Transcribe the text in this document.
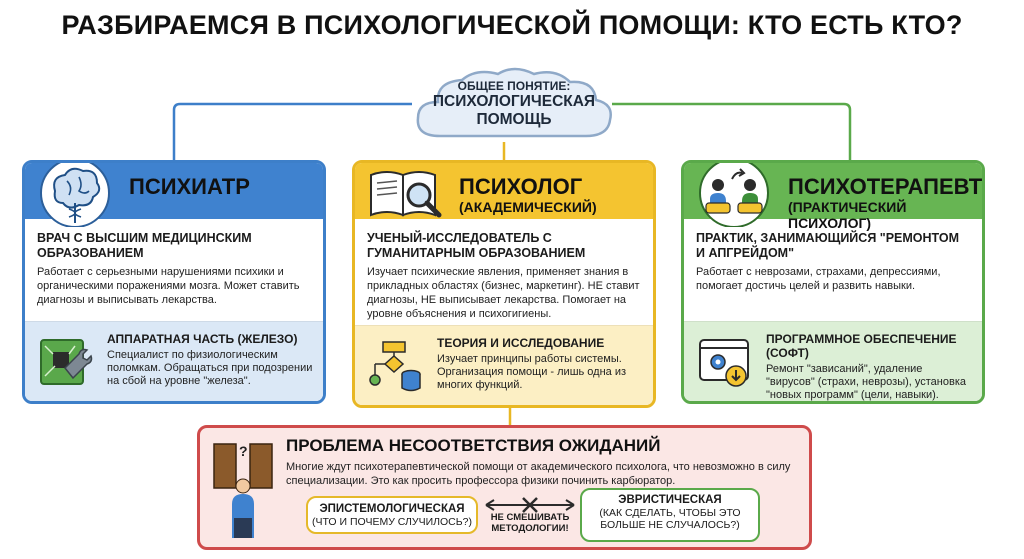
РАЗБИРАЕМСЯ В ПСИХОЛОГИЧЕСКОЙ ПОМОЩИ: КТО ЕСТЬ КТО?
ОБЩЕЕ ПОНЯТИЕ:
ПСИХОЛОГИЧЕСКАЯ
ПОМОЩЬ
ПСИХИАТР
ВРАЧ С ВЫСШИМ МЕДИЦИНСКИМ ОБРАЗОВАНИЕМ
Работает с серьезными нарушениями психики и органическими поражениями мозга. Может ставить диагнозы и выписывать лекарства.
АППАРАТНАЯ ЧАСТЬ (ЖЕЛЕЗО)
Специалист по физиологическим поломкам. Обращаться при подозрении на сбой на уровне "железа".
ПСИХОЛОГ
(АКАДЕМИЧЕСКИЙ)
УЧЕНЫЙ-ИССЛЕДОВАТЕЛЬ С ГУМАНИТАРНЫМ ОБРАЗОВАНИЕМ
Изучает психические явления, применяет знания в прикладных областях (бизнес, маркетинг). НЕ ставит диагнозы, НЕ выписывает лекарства. Помогает на уровне объяснения и психогигиены.
ТЕОРИЯ И ИССЛЕДОВАНИЕ
Изучает принципы работы системы. Организация помощи - лишь одна из многих функций.
ПСИХОТЕРАПЕВТ
(ПРАКТИЧЕСКИЙ ПСИХОЛОГ)
ПРАКТИК, ЗАНИМАЮЩИЙСЯ "РЕМОНТОМ И АПГРЕЙДОМ"
Работает с неврозами, страхами, депрессиями, помогает достичь целей и развить навыки.
ПРОГРАММНОЕ ОБЕСПЕЧЕНИЕ (СОФТ)
Ремонт "зависаний", удаление "вирусов" (страхи, неврозы), установка "новых программ" (цели, навыки).
? ПРОБЛЕМА НЕСООТВЕТСТВИЯ ОЖИДАНИЙ
Многие ждут психотерапевтической помощи от академического психолога, что невозможно в силу специализации. Это как просить профессора физики починить карбюратор.
ЭПИСТЕМОЛОГИЧЕСКАЯ
(ЧТО И ПОЧЕМУ СЛУЧИЛОСЬ?)	НЕ СМЕШИВАТЬ МЕТОДОЛОГИИ!
ЭВРИСТИЧЕСКАЯ
(КАК СДЕЛАТЬ, ЧТОБЫ ЭТО БОЛЬШЕ НЕ СЛУЧАЛОСЬ?)
